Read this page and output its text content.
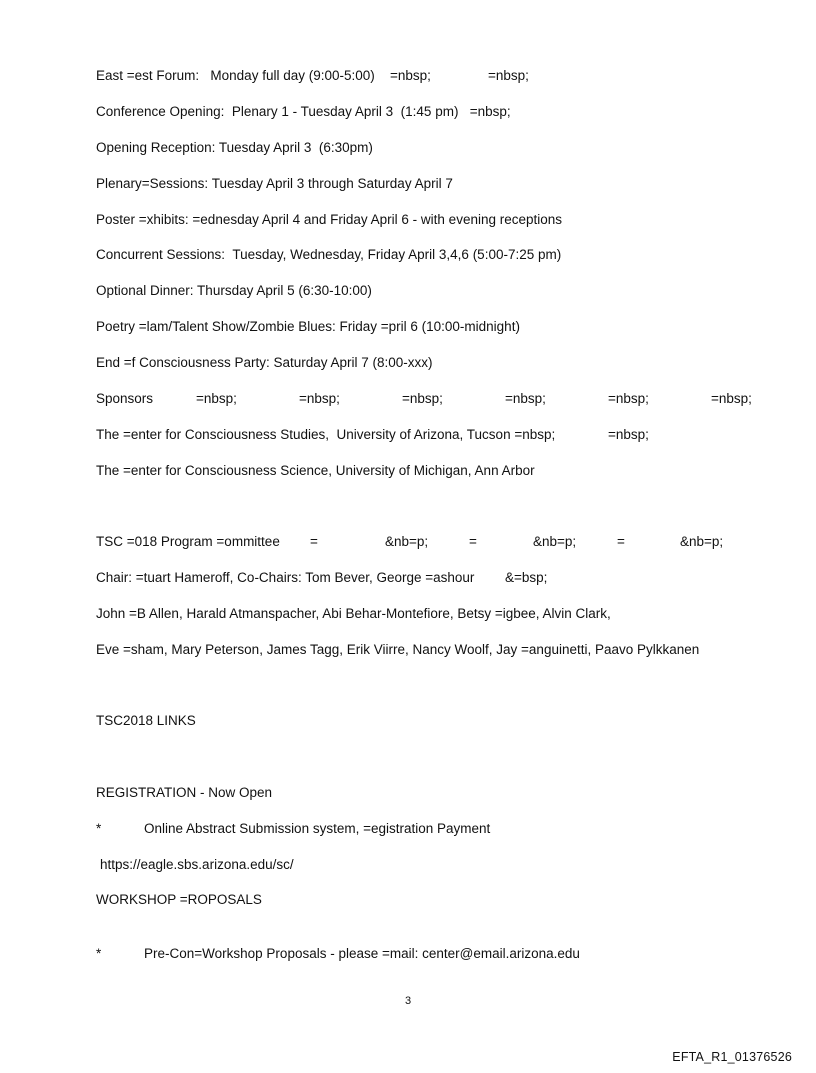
East =est Forum:   Monday full day (9:00-5:00)

=nbsp;

	=nbsp;

Conference Opening:  Plenary 1 - Tuesday April 3  (1:45 pm)   =nbsp;
Opening Reception: Tuesday April 3  (6:30pm)
Plenary=Sessions: Tuesday April 3 through Saturday April 7
Poster =xhibits: =ednesday April 4 and Friday April 6 - with evening receptions
Concurrent Sessions:  Tuesday, Wednesday, Friday April 3,4,6 (5:00-7:25 pm)
Optional Dinner: Thursday April 5 (6:30-10:00)
Poetry =lam/Talent Show/Zombie Blues: Friday =pril 6 (10:00-midnight)
End =f Consciousness Party: Saturday April 7 (8:00-xxx)

Sponsors

	=nbsp;

	=nbsp;

	=nbsp;

	=nbsp;

	=nbsp;

	=nbsp;

The =enter for Consciousness Studies,  University of Arizona, Tucson =nbsp;

	=nbsp;

The =enter for Consciousness Science, University of Michigan, Ann Arbor

TSC =018 Program =ommittee

=

	&nb=p;

	=

	&nb=p;

	=

	&nb=p;

Chair: =tuart Hameroff, Co-Chairs: Tom Bever, George =ashour

&=bsp;

John =B Allen, Harald Atmanspacher, Abi Behar-Montefiore, Betsy =igbee, Alvin Clark,
Eve =sham, Mary Peterson, James Tagg, Erik Viirre, Nancy Woolf, Jay =anguinetti, Paavo Pylkkanen
TSC2018 LINKS
REGISTRATION - Now Open

*

	Online Abstract Submission system, =egistration Payment

https://eagle.sbs.arizona.edu/sc/
WORKSHOP =ROPOSALS

*

	Pre-Con=Workshop Proposals - please =mail: center@email.arizona.edu

3
EFTA_R1_01376526
